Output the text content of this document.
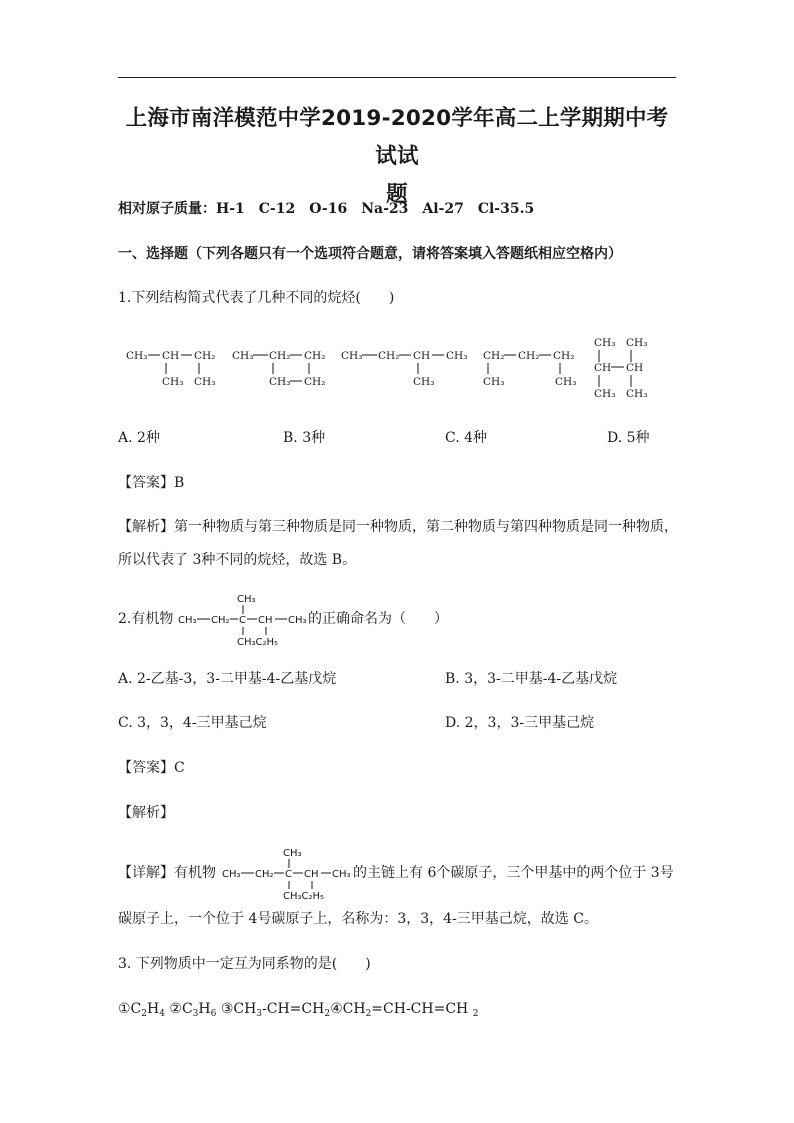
上海市南洋模范中学2019-2020学年高二上学期期中考试试
题
相对原子质量：H-1　C-12　O-16　Na-23　Al-27　Cl-35.5
一、选择题（下列各题只有一个选项符合题意，请将答案填入答题纸相应空格内）
1.下列结构简式代表了几种不同的烷烃(　　)
CH₃ CH CH₂
CH₃ CH₃
CH₃ CH₂ CH₂
CH₃ CH₂
CH₃ CH₂ CH CH₃
CH₃
CH₂ CH₂ CH₂
CH₃	CH₃
CH₃ CH₃
CH CH
CH₃ CH₃
A. 2种	B. 3种	C. 4种	D. 5种
【答案】B
【解析】第一种物质与第三种物质是同一种物质，第二种物质与第四种物质是同一种物质，
所以代表了 3种不同的烷烃，故选 B。
2.有机物
CH₃
CH₃ CH₂ C CH CH₃
CH₃C₂H₅
的正确命名为（　　）
A. 2-乙基-3，3-二甲基-4-乙基戊烷	B. 3，3-二甲基-4-乙基戊烷
C. 3，3，4-三甲基己烷	D. 2，3，3-三甲基己烷
【答案】C
【解析】
【详解】有机物
CH₃
CH₃ CH₂ C CH CH₃
CH₃C₂H₅
的主链上有 6个碳原子，三个甲基中的两个位于 3号
碳原子上，一个位于 4号碳原子上，名称为：3，3，4-三甲基己烷，故选 C。
3. 下列物质中一定互为同系物的是(　　)
$①C_2H_4$ $②C_3H_6$ $③CH_3-CH=CH_2④CH_2=CH-CH=CH$ $_2$
